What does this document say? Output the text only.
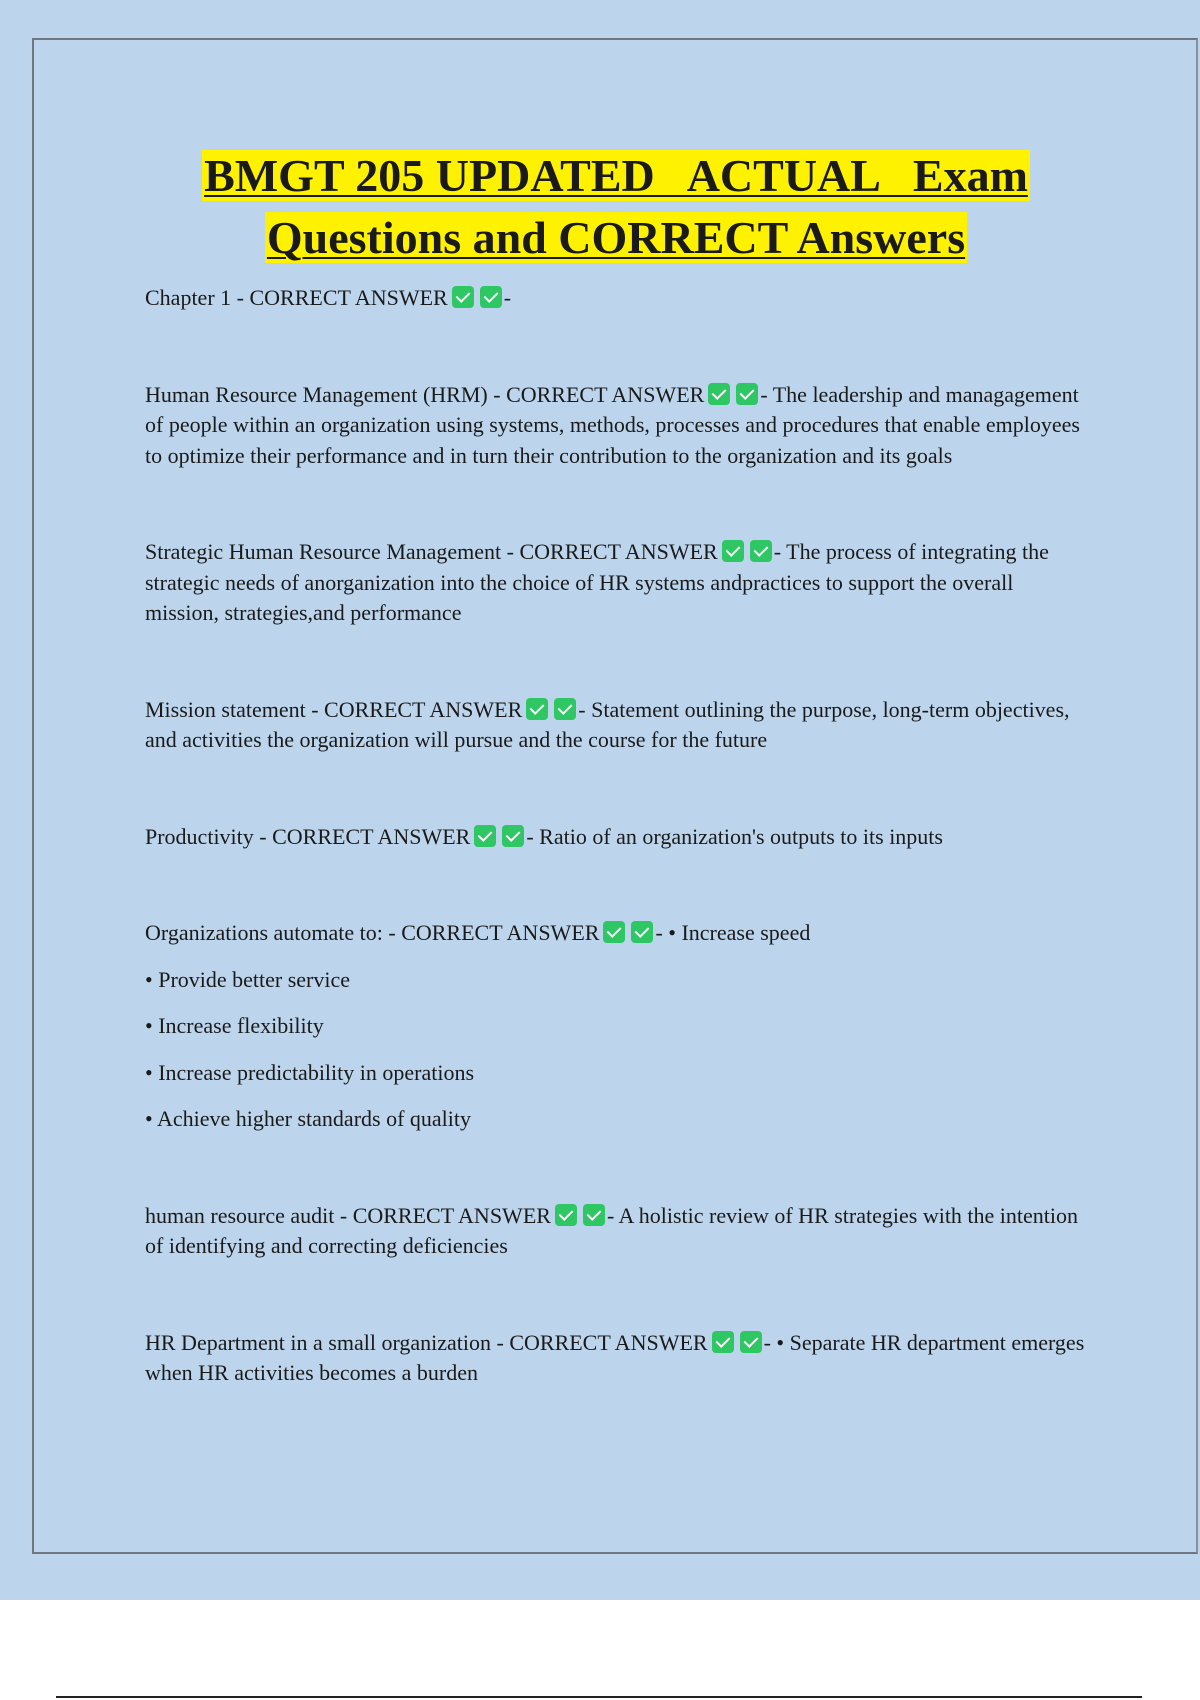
BMGT 205 UPDATED   ACTUAL   Exam
Questions and CORRECT Answers

Chapter 1 - CORRECT ANSWER	-

Human Resource Management (HRM) - CORRECT ANSWER	- The leadership and managagement of people within an organization using systems, methods, processes and procedures that enable employees to optimize their performance and in turn their contribution to the organization and its goals

Strategic Human Resource Management - CORRECT ANSWER	- The process of integrating the strategic needs of anorganization into the choice of HR systems andpractices to support the overall mission, strategies,and performance

Mission statement - CORRECT ANSWER	- Statement outlining the purpose, long-term objectives, and activities the organization will pursue and the course for the future

Productivity - CORRECT ANSWER	- Ratio of an organization's outputs to its inputs

Organizations automate to: - CORRECT ANSWER	- • Increase speed

• Provide better service

• Increase flexibility

• Increase predictability in operations

• Achieve higher standards of quality

human resource audit - CORRECT ANSWER	- A holistic review of HR strategies with the intention of identifying and correcting deficiencies

HR Department in a small organization - CORRECT ANSWER	- • Separate HR department emerges when HR activities becomes a burden
